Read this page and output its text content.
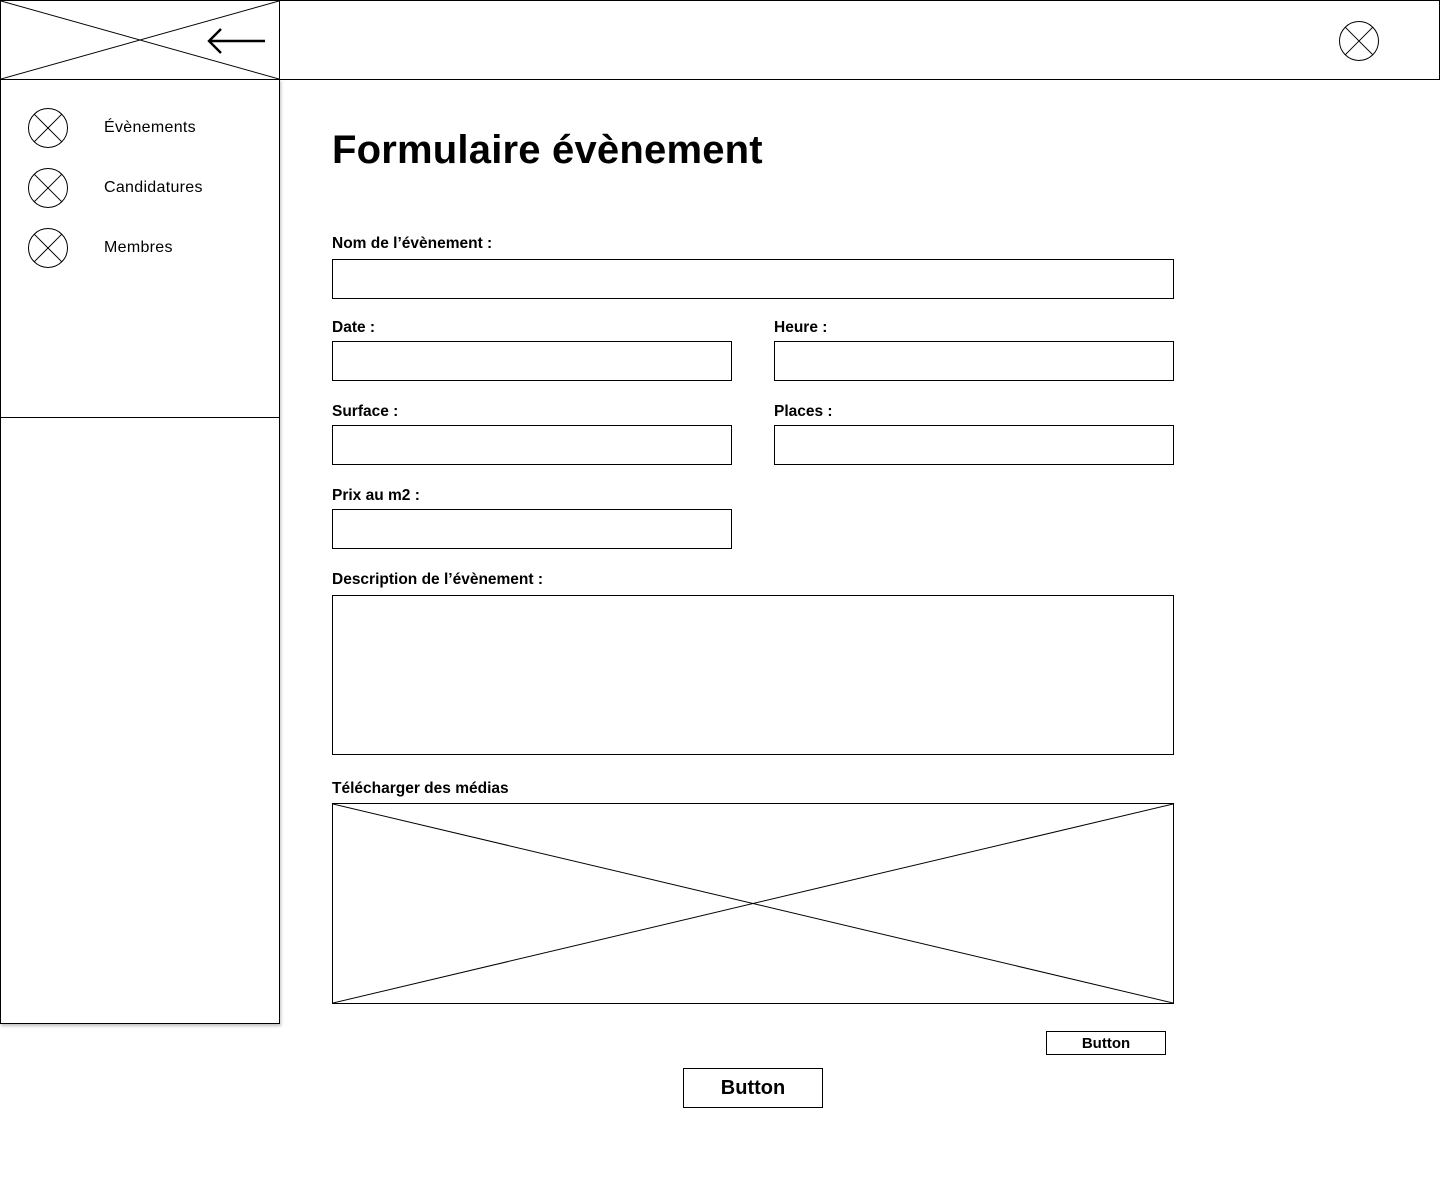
Évènements
Candidatures
Membres
Formulaire évènement
Nom de l’évènement :
Date :	Heure :
Surface :	Places :
Prix au m2 :
Description de l’évènement :
Télécharger des médias
Button
Button
